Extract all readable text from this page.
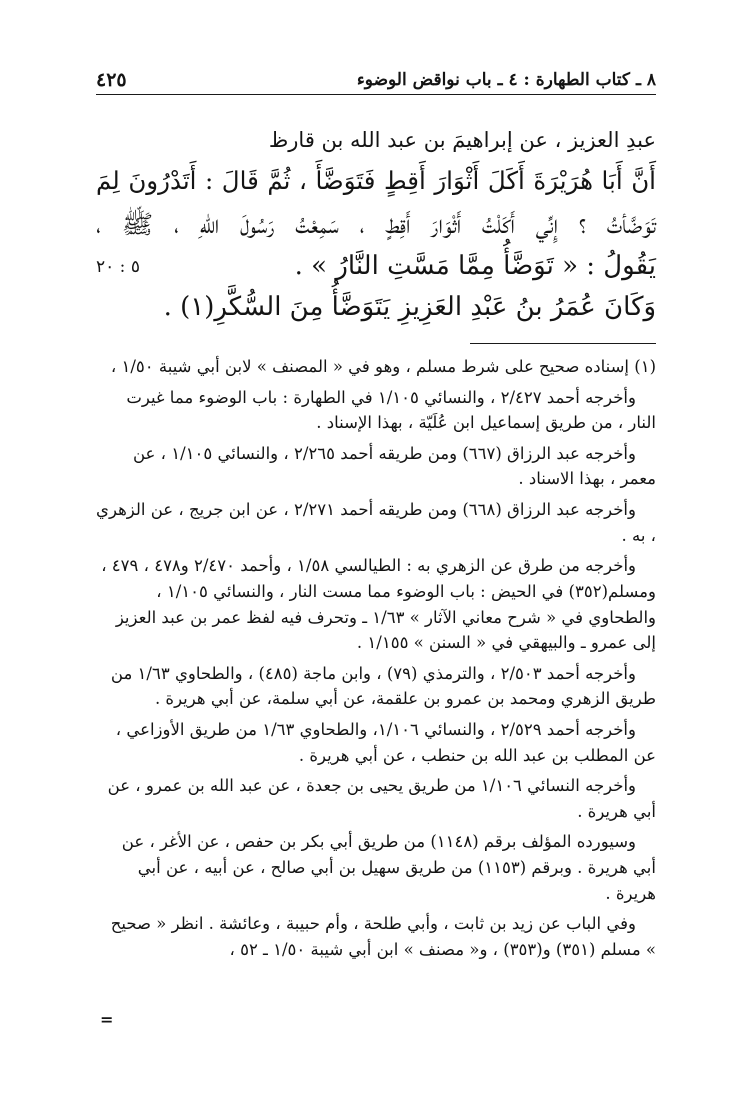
٤٢٥	٨ ـ كتاب الطهارة : ٤ ـ باب نواقض الوضوء
عبدِ العزيز ، عن إبراهيمَ بن عبد الله بن قارظ
أَنَّ أَبَا هُرَيْرَةَ أَكَلَ أَثْوَارَ أَقِطٍ فَتَوَضَّأَ ، ثُمَّ قَالَ : أَتَدْرُونَ لِمَ
تَوَضَّأتُ ؟ إِنِّي أَكَلْتُ أَثْوَارَ أَقِطٍ ، سَمِعْتُ رَسُولَ اللهِ ، ﷺ ،
يَقُولُ : « تَوَضَّأُ مِمَّا مَسَّتِ النَّارُ » .
٥ : ٢٠
وَكَانَ عُمَرُ بنُ عَبْدِ العَزِيزِ يَتَوَضَّأُ مِنَ السُّكَّرِ(١) .

(١) إسناده صحيح على شرط مسلم ، وهو في « المصنف » لابن أبي شيبة ١/٥٠ ،

وأخرجه أحمد ٢/٤٢٧ ، والنسائي ١/١٠٥ في الطهارة : باب الوضوء مما غيرت النار ، من طريق إسماعيل ابن عُلَيّة ، بهذا الإسناد .

وأخرجه عبد الرزاق (٦٦٧) ومن طريقه أحمد ٢/٢٦٥ ، والنسائي ١/١٠٥ ، عن معمر ، بهذا الاسناد .

وأخرجه عبد الرزاق (٦٦٨) ومن طريقه أحمد ٢/٢٧١ ، عن ابن جريج ، عن الزهري ، به .

وأخرجه من طرق عن الزهري به : الطيالسي ١/٥٨ ، وأحمد ٢/٤٧٠ و٤٧٨ ، ٤٧٩ ، ومسلم(٣٥٢) في الحيض : باب الوضوء مما مست النار ، والنسائي ١/١٠٥ ، والطحاوي في « شرح معاني الآثار » ١/٦٣ ـ وتحرف فيه لفظ عمر بن عبد العزيز إلى عمرو ـ والبيهقي في « السنن » ١/١٥٥ .

وأخرجه أحمد ٢/٥٠٣ ، والترمذي (٧٩) ، وابن ماجة (٤٨٥) ، والطحاوي ١/٦٣ من طريق الزهري ومحمد بن عمرو بن علقمة، عن أبي سلمة، عن أبي هريرة .

وأخرجه أحمد ٢/٥٢٩ ، والنسائي ١/١٠٦، والطحاوي ١/٦٣ من طريق الأوزاعي ، عن المطلب بن عبد الله بن حنطب ، عن أبي هريرة .

وأخرجه النسائي ١/١٠٦ من طريق يحيى بن جعدة ، عن عبد الله بن عمرو ، عن أبي هريرة .

وسيورده المؤلف برقم (١١٤٨) من طريق أبي بكر بن حفص ، عن الأغر ، عن أبي هريرة . وبرقم (١١٥٣) من طريق سهيل بن أبي صالح ، عن أبيه ، عن أبي هريرة .

وفي الباب عن زيد بن ثابت ، وأبي طلحة ، وأم حبيبة ، وعائشة . انظر « صحيح » مسلم (٣٥١) و(٣٥٣) ، و« مصنف » ابن أبي شيبة ١/٥٠ ـ ٥٢ ،

=
